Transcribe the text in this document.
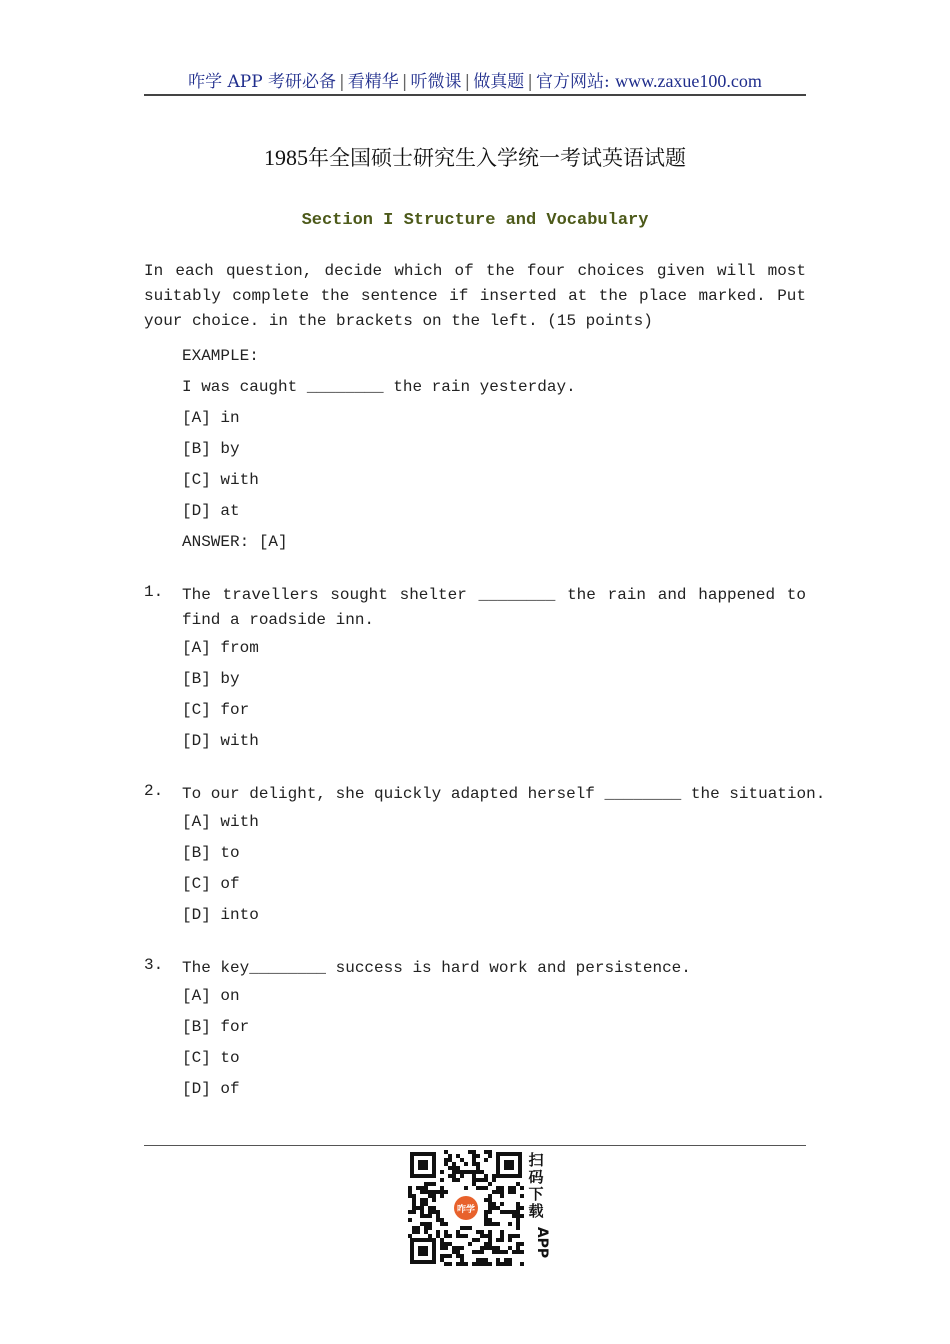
咋学 APP 考研必备 | 看精华 | 听微课 | 做真题 | 官方网站: www.zaxue100.com
1985年全国硕士研究生入学统一考试英语试题
Section I Structure and Vocabulary
In each question, decide which of the four choices given will most suitably complete the sentence if inserted at the place marked. Put your choice. in the brackets on the left. (15 points)
EXAMPLE:
I was caught ________ the rain yesterday.
[A] in
[B] by
[C] with
[D] at
ANSWER: [A]
1. The travellers sought shelter ________ the rain and happened to find a roadside inn.
[A] from
[B] by
[C] for
[D] with
2. To our delight, she quickly adapted herself ________ the situation.
[A] with
[B] to
[C] of
[D] into
3. The key________ success is hard work and persistence.
[A] on
[B] for
[C] to
[D] of
咋学
扫
码
下
载
APP
